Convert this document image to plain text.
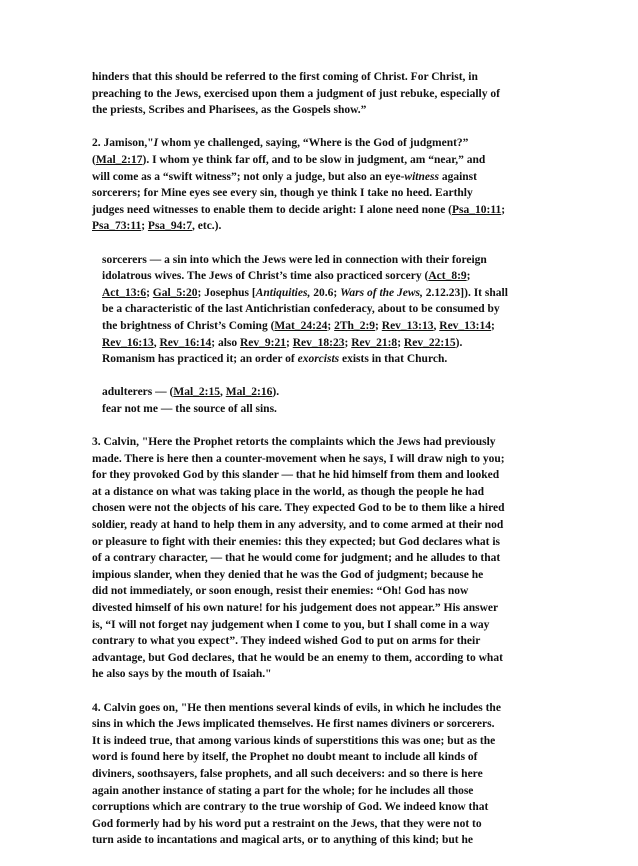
hinders that this should be referred to the first coming of Christ. For Christ, in
preaching to the Jews, exercised upon them a judgment of just rebuke, especially of
the priests, Scribes and Pharisees, as the Gospels show.”
2. Jamison,"I whom ye challenged, saying, “Where is the God of judgment?”
(Mal_2:17). I whom ye think far off, and to be slow in judgment, am “near,” and
will come as a “swift witness”; not only a judge, but also an eye-witness against
sorcerers; for Mine eyes see every sin, though ye think I take no heed. Earthly
judges need witnesses to enable them to decide aright: I alone need none (Psa_10:11;
Psa_73:11; Psa_94:7, etc.).
sorcerers — a sin into which the Jews were led in connection with their foreign
idolatrous wives. The Jews of Christ’s time also practiced sorcery (Act_8:9;
Act_13:6; Gal_5:20; Josephus [Antiquities, 20.6; Wars of the Jews, 2.12.23]). It shall
be a characteristic of the last Antichristian confederacy, about to be consumed by
the brightness of Christ’s Coming (Mat_24:24; 2Th_2:9; Rev_13:13, Rev_13:14;
Rev_16:13, Rev_16:14; also Rev_9:21; Rev_18:23; Rev_21:8; Rev_22:15).
Romanism has practiced it; an order of exorcists exists in that Church.
adulterers — (Mal_2:15, Mal_2:16).
fear not me — the source of all sins.
3. Calvin, "Here the Prophet retorts the complaints which the Jews had previously
made. There is here then a counter-movement when he says, I will draw nigh to you;
for they provoked God by this slander — that he hid himself from them and looked
at a distance on what was taking place in the world, as though the people he had
chosen were not the objects of his care. They expected God to be to them like a hired
soldier, ready at hand to help them in any adversity, and to come armed at their nod
or pleasure to fight with their enemies: this they expected; but God declares what is
of a contrary character, — that he would come for judgment; and he alludes to that
impious slander, when they denied that he was the God of judgment; because he
did not immediately, or soon enough, resist their enemies: “Oh! God has now
divested himself of his own nature! for his judgement does not appear.” His answer
is, “I will not forget nay judgement when I come to you, but I shall come in a way
contrary to what you expect”. They indeed wished God to put on arms for their
advantage, but God declares, that he would be an enemy to them, according to what
he also says by the mouth of Isaiah."
4. Calvin goes on, "He then mentions several kinds of evils, in which he includes the
sins in which the Jews implicated themselves. He first names diviners or sorcerers.
It is indeed true, that among various kinds of superstitions this was one; but as the
word is found here by itself, the Prophet no doubt meant to include all kinds of
diviners, soothsayers, false prophets, and all such deceivers: and so there is here
again another instance of stating a part for the whole; for he includes all those
corruptions which are contrary to the true worship of God. We indeed know that
God formerly had by his word put a restraint on the Jews, that they were not to
turn aside to incantations and magical arts, or to anything of this kind; but he
